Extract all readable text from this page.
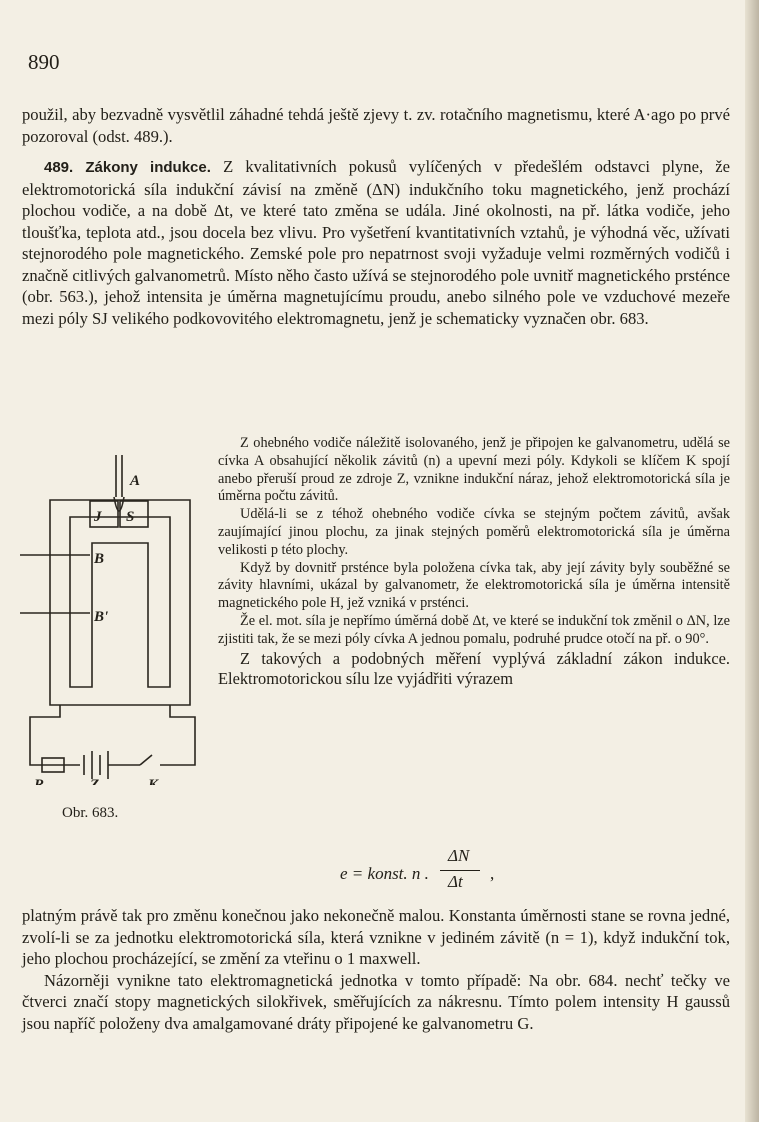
890

použil, aby bezvadně vysvětlil záhadné tehdá ještě zjevy t. zv. rotačního magnetismu, které A·ago po prvé pozoroval (odst. 489.).

489. Zákony indukce. Z kvalitativních pokusů vylíčených v předešlém odstavci plyne, že elektromotorická síla indukční závisí na změně (ΔN) indukčního toku magnetického, jenž prochází plochou vodiče, a na době Δt, ve které tato změna se udála. Jiné okolnosti, na př. látka vodiče, jeho tloušťka, teplota atd., jsou docela bez vlivu. Pro vyšetření kvantitativních vztahů, je výhodná věc, užívati stejnorodého pole magnetického. Zemské pole pro nepatrnost svoji vyžaduje velmi rozměrných vodičů i značně citlivých galvanometrů. Místo něho často užívá se stejnorodého pole uvnitř magnetického prsténce (obr. 563.), jehož intensita je úměrna magnetujícímu proudu, anebo silného pole ve vzduchové mezeře mezi póly SJ velikého podkovovitého elektromagnetu, jenž je schematicky vyznačen obr. 683.

A
J S
B
B'
R	Z	K
Obr. 683.

Z ohebného vodiče náležitě isolovaného, jenž je připojen ke galvanometru, udělá se cívka A obsahující několik závitů (n) a upevní mezi póly. Kdykoli se klíčem K spojí anebo přeruší proud ze zdroje Z, vznikne indukční náraz, jehož elektromotorická síla je úměrna počtu závitů.

Udělá-li se z téhož ohebného vodiče cívka se stejným počtem závitů, avšak zaujímající jinou plochu, za jinak stejných poměrů elektromotorická síla je úměrna velikosti p této plochy.

Když by dovnitř prsténce byla položena cívka tak, aby její závity byly souběžné se závity hlavními, ukázal by galvanometr, že elektromotorická síla je úměrna intensitě magnetického pole H, jež vzniká v prsténci.

Že el. mot. síla je nepřímo úměrná době Δt, ve které se indukční tok změnil o ΔN, lze zjistiti tak, že se mezi póly cívka A jednou pomalu, podruhé prudce otočí na př. o 90°.

Z takových a podobných měření vyplývá základní zákon indukce. Elektromotorickou sílu lze vyjádřiti výrazem

e = konst. n .
ΔN
Δt ,

platným právě tak pro změnu konečnou jako nekonečně malou. Konstanta úměrnosti stane se rovna jedné, zvolí-li se za jednotku elektromotorická síla, která vznikne v jediném závitě (n = 1), když indukční tok, jeho plochou procházející, se změní za vteřinu o 1 maxwell.

Názorněji vynikne tato elektromagnetická jednotka v tomto případě: Na obr. 684. nechť tečky ve čtverci značí stopy magnetických silokřivek, směřujících za nákresnu. Tímto polem intensity H gaussů jsou napříč položeny dva amalgamované dráty připojené ke galvanometru G.
